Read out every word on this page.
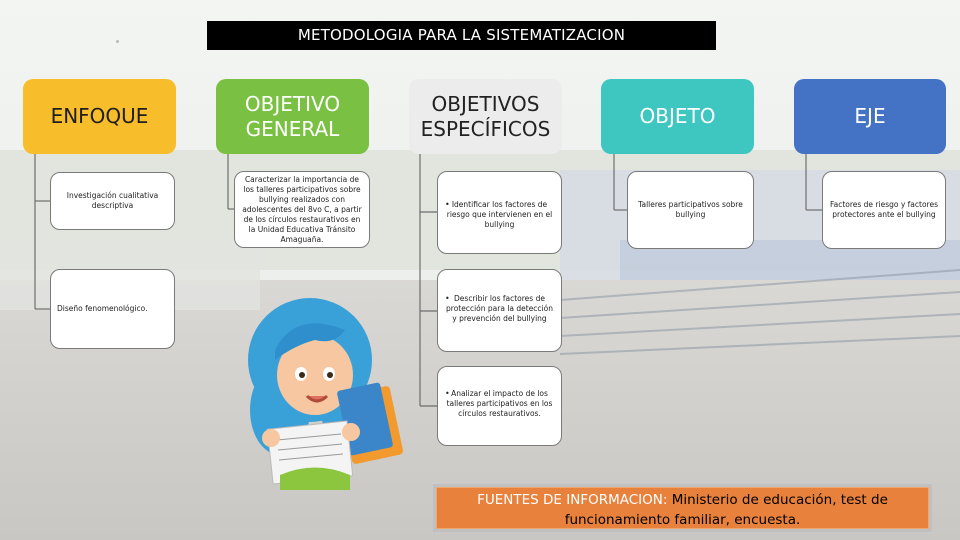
METODOLOGIA PARA LA SISTEMATIZACION
ENFOQUE
Investigación cualitativa descriptiva
Diseño fenomenológico.
OBJETIVO
GENERAL
Caracterizar la importancia de los talleres participativos sobre bullying realizados con adolescentes del 8vo C, a partir de los círculos restaurativos en la Unidad Educativa Tránsito Amaguaña.
OBJETIVOS
ESPECÍFICOS
• Identificar los factores de riesgo que intervienen en el bullying
• Describir los factores de protección para la detección y prevención del bullying
• Analizar el impacto de los talleres participativos en los círculos restaurativos.
OBJETO
Talleres participativos sobre bullying
EJE
Factores de riesgo y factores protectores ante el bullying
FUENTES DE INFORMACION: Ministerio de educación, test de funcionamiento familiar, encuesta.
